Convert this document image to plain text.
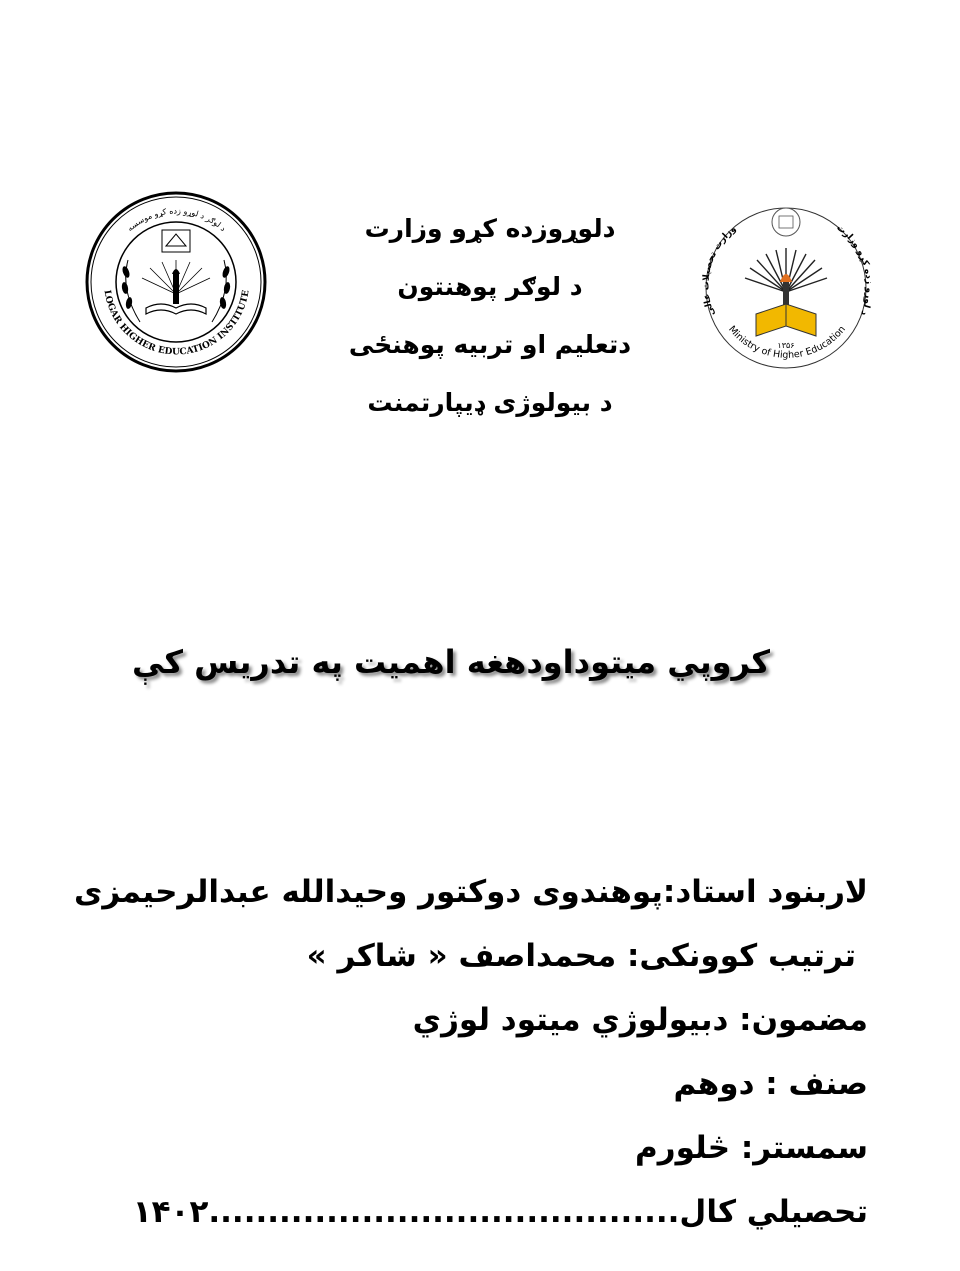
LOGAR HIGHER EDUCATION INSTITUTE
د لوګر د لوړو زده کړو موسسه	دلوړوزده کړو وزارت
د لوګر پوهنتون
دتعلیم او تربیه پوهنځی
د بیولوژی ډیپارتمنت
Ministry of Higher Education
وزارت تحصیلات عالی
د لو ه کړو وزارت
۱۳۵۶
کروپي میتوداودهغه اهمیت په تدریس کې
لاربنود استاد:پوهندوی دوکتور وحیدالله عبدالرحیمزی
ترتیب کوونکی: محمداصف « شاکر »
مضمون: دبیولوژي میتود لوژي
صنف : دوهم
سمستر: څلورم
تحصيلي کال........................................۱۴۰۲
